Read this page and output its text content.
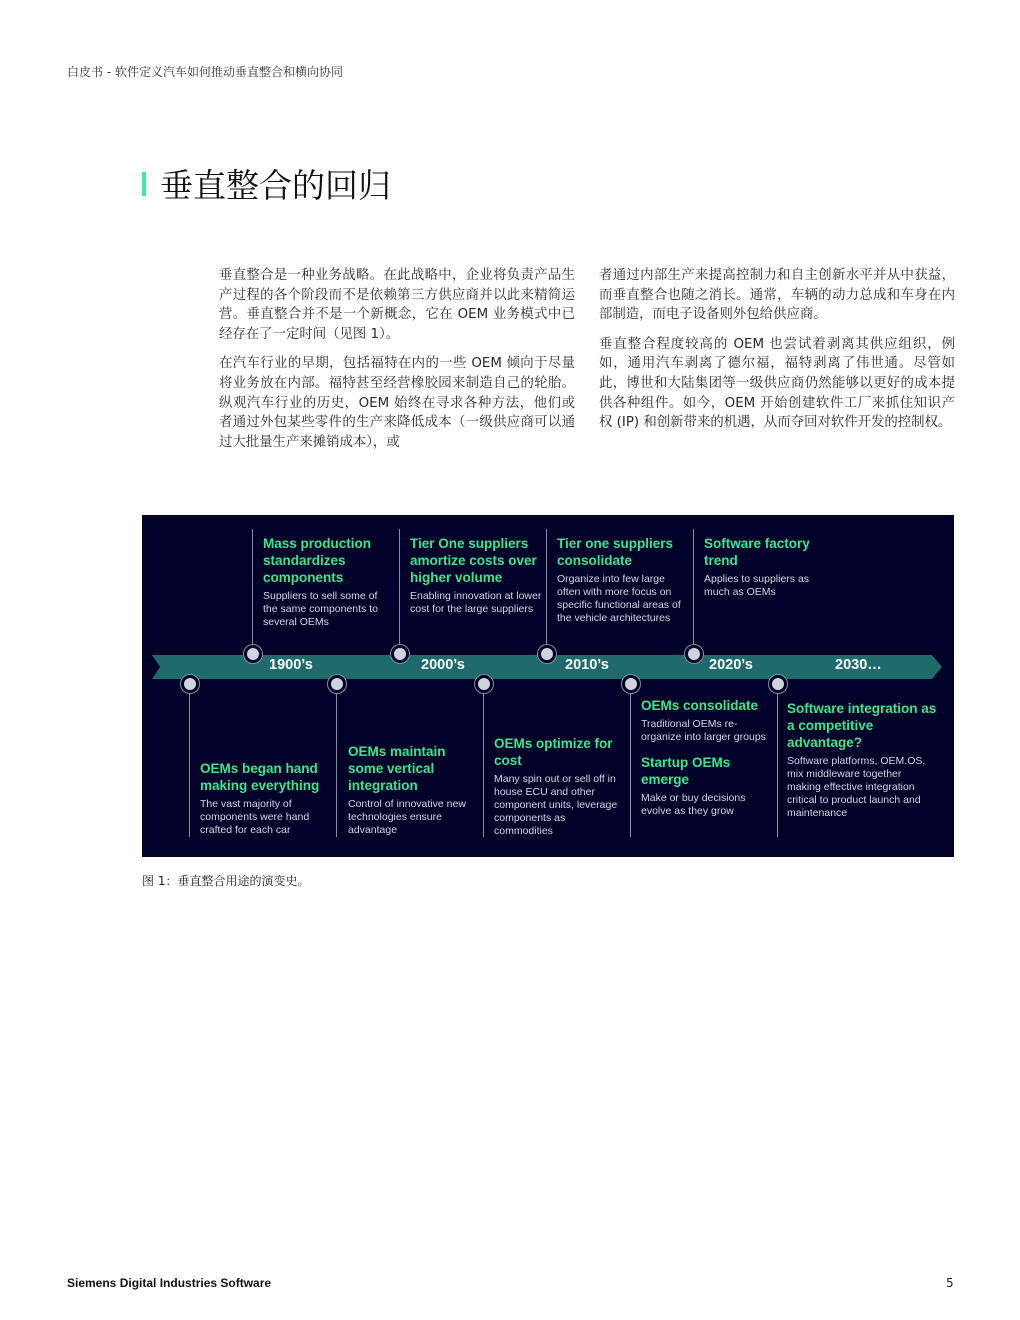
白皮书 - 软件定义汽车如何推动垂直整合和横向协同
垂直整合的回归

垂直整合是一种业务战略。在此战略中，企业将负责产品生产过程的各个阶段而不是依赖第三方供应商并以此来精简运营。垂直整合并不是一个新概念，它在 OEM 业务模式中已经存在了一定时间（见图 1）。

在汽车行业的早期，包括福特在内的一些 OEM 倾向于尽量将业务放在内部。福特甚至经营橡胶园来制造自己的轮胎。纵观汽车行业的历史，OEM 始终在寻求各种方法，他们或者通过外包某些零件的生产来降低成本（一级供应商可以通过大批量生产来摊销成本），或

者通过内部生产来提高控制力和自主创新水平并从中获益，而垂直整合也随之消长。通常，车辆的动力总成和车身在内部制造，而电子设备则外包给供应商。

垂直整合程度较高的 OEM 也尝试着剥离其供应组织，例如，通用汽车剥离了德尔福，福特剥离了伟世通。尽管如此，博世和大陆集团等一级供应商仍然能够以更好的成本提供各种组件。如今，OEM 开始创建软件工厂来抓住知识产权 (IP) 和创新带来的机遇，从而夺回对软件开发的控制权。

1900’s	2000’s	2010’s	2020’s	2030…
Mass production standardizes components
Suppliers to sell some of the same components to several OEMs
Tier One suppliers amortize costs over higher volume
Enabling innovation at lower cost for the large suppliers
Tier one suppliers consolidate
Organize into few large often with more focus on specific functional areas of the vehicle architectures
Software factory trend
Applies to suppliers as much as OEMs
OEMs began hand making everything
The vast majority of components were hand crafted for each car
OEMs maintain some vertical integration
Control of innovative new technologies ensure advantage
OEMs optimize for cost
Many spin out or sell off in house ECU and other component units, leverage components as commodities
OEMs consolidate
Traditional OEMs re-organize into larger groups
Startup OEMs emerge
Make or buy decisions evolve as they grow
Software integration as a competitive advantage?
Software platforms, OEM.OS, mix middleware together making effective integration critical to product launch and maintenance
图 1：垂直整合用途的演变史。
Siemens Digital Industries Software	5
